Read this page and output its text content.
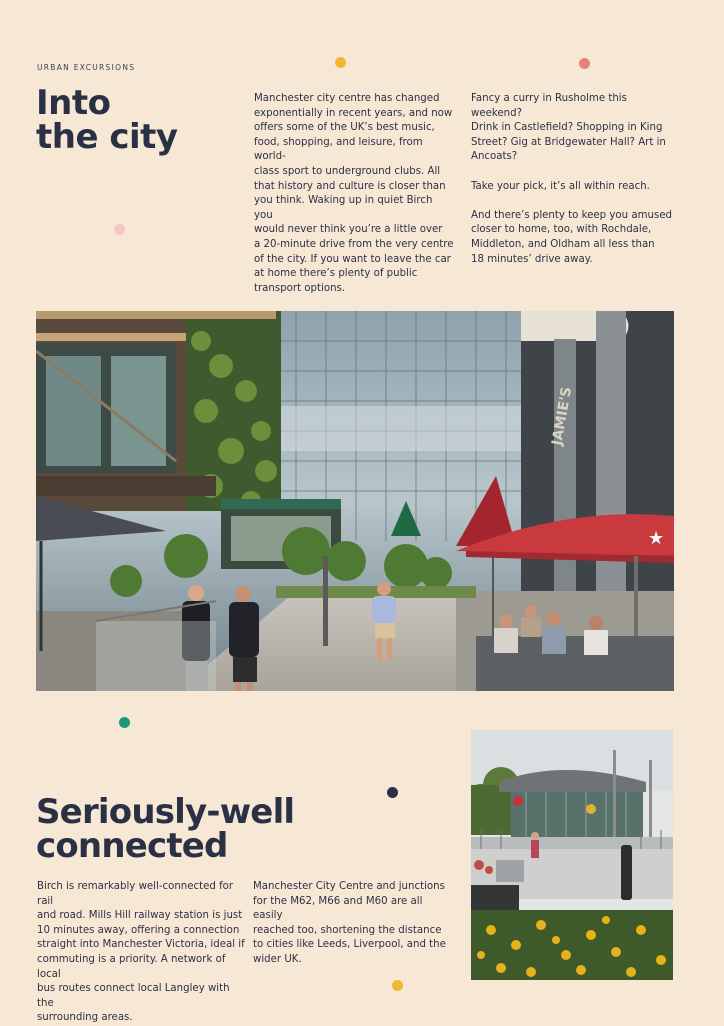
URBAN EXCURSIONS
Into
the city
Manchester city centre has changed
exponentially in recent years, and now
offers some of the UK’s best music,
food, shopping, and leisure, from world-
class sport to underground clubs. All
that history and culture is closer than
you think. Waking up in quiet Birch you
would never think you’re a little over
a 20-minute drive from the very centre
of the city. If you want to leave the car
at home there’s plenty of public
transport options.
Fancy a curry in Rusholme this weekend?
Drink in Castlefield? Shopping in King
Street? Gig at Bridgewater Hall? Art in
Ancoats?

Take your pick, it’s all within reach.

And there’s plenty to keep you amused
closer to home, too, with Rochdale,
Middleton, and Oldham all less than
18 minutes’ drive away.
JAMIE'S
★
Seriously-well
connected
Birch is remarkably well-connected for rail
and road. Mills Hill railway station is just
10 minutes away, offering a connection
straight into Manchester Victoria, ideal if
commuting is a priority. A network of local
bus routes connect local Langley with the
surrounding areas.
Manchester City Centre and junctions
for the M62, M66 and M60 are all easily
reached too, shortening the distance
to cities like Leeds, Liverpool, and the
wider UK.
